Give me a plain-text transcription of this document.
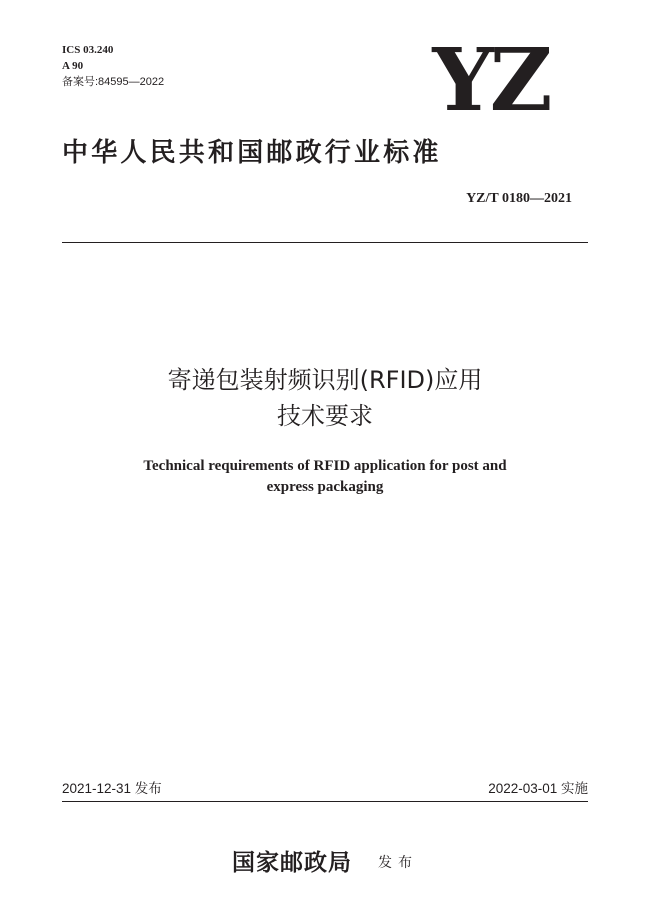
ICS 03.240
A 90
备案号:84595—2022	YZ
中华人民共和国邮政行业标准
YZ/T 0180—2021
寄递包装射频识别(RFID)应用
技术要求
Technical requirements of RFID application for post and
express packaging
2021-12-31 发布	2022-03-01 实施
国家邮政局 发布
